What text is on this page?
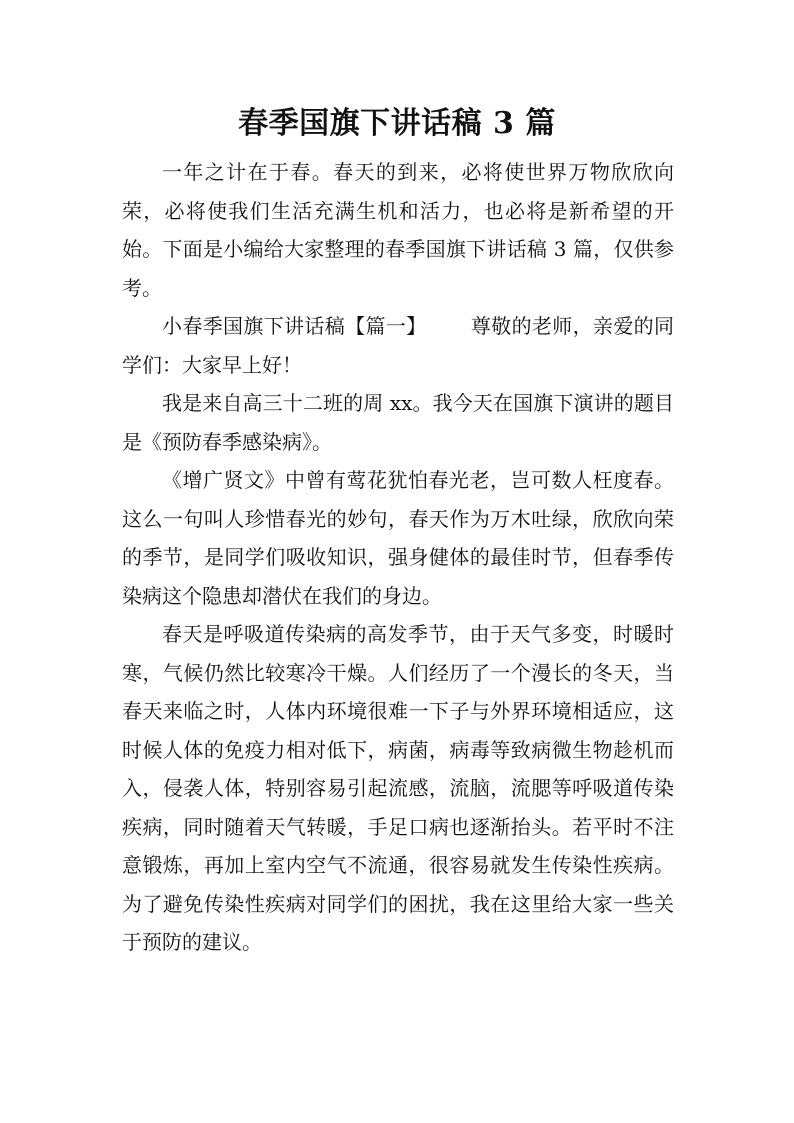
春季国旗下讲话稿 3 篇

一年之计在于春。春天的到来，必将使世界万物欣欣向荣，必将使我们生活充满生机和活力，也必将是新希望的开始。下面是小编给大家整理的春季国旗下讲话稿 3 篇，仅供参考。

小春季国旗下讲话稿【篇一】 尊敬的老师，亲爱的同学们：大家早上好！

我是来自高三十二班的周 xx。我今天在国旗下演讲的题目是《预防春季感染病》。

《增广贤文》中曾有莺花犹怕春光老，岂可数人枉度春。这么一句叫人珍惜春光的妙句，春天作为万木吐绿，欣欣向荣的季节，是同学们吸收知识，强身健体的最佳时节，但春季传染病这个隐患却潜伏在我们的身边。

春天是呼吸道传染病的高发季节，由于天气多变，时暖时寒，气候仍然比较寒冷干燥。人们经历了一个漫长的冬天，当春天来临之时，人体内环境很难一下子与外界环境相适应，这时候人体的免疫力相对低下，病菌，病毒等致病微生物趁机而入，侵袭人体，特别容易引起流感，流脑，流腮等呼吸道传染疾病，同时随着天气转暖，手足口病也逐渐抬头。若平时不注意锻炼，再加上室内空气不流通，很容易就发生传染性疾病。为了避免传染性疾病对同学们的困扰，我在这里给大家一些关于预防的建议。
